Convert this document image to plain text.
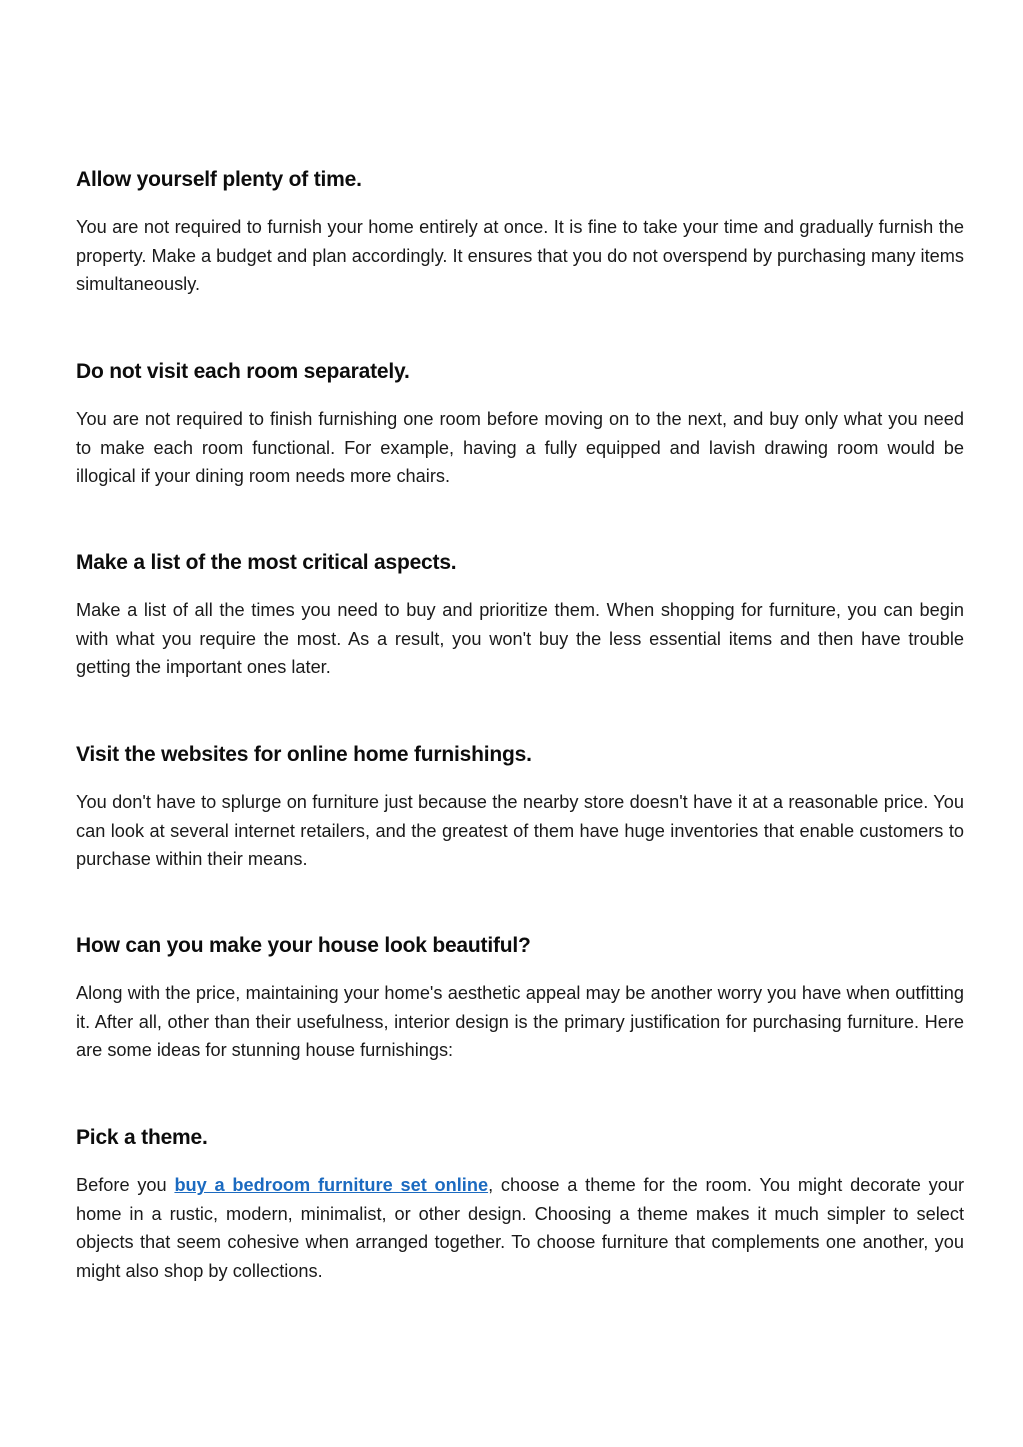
Allow yourself plenty of time.

You are not required to furnish your home entirely at once. It is fine to take your time and gradually furnish the property. Make a budget and plan accordingly. It ensures that you do not overspend by purchasing many items simultaneously.

Do not visit each room separately.

You are not required to finish furnishing one room before moving on to the next, and buy only what you need to make each room functional. For example, having a fully equipped and lavish drawing room would be illogical if your dining room needs more chairs.

Make a list of the most critical aspects.

Make a list of all the times you need to buy and prioritize them. When shopping for furniture, you can begin with what you require the most. As a result, you won't buy the less essential items and then have trouble getting the important ones later.

Visit the websites for online home furnishings.

You don't have to splurge on furniture just because the nearby store doesn't have it at a reasonable price. You can look at several internet retailers, and the greatest of them have huge inventories that enable customers to purchase within their means.

How can you make your house look beautiful?

Along with the price, maintaining your home's aesthetic appeal may be another worry you have when outfitting it. After all, other than their usefulness, interior design is the primary justification for purchasing furniture. Here are some ideas for stunning house furnishings:

Pick a theme.

Before you buy a bedroom furniture set online, choose a theme for the room. You might decorate your home in a rustic, modern, minimalist, or other design. Choosing a theme makes it much simpler to select objects that seem cohesive when arranged together. To choose furniture that complements one another, you might also shop by collections.
